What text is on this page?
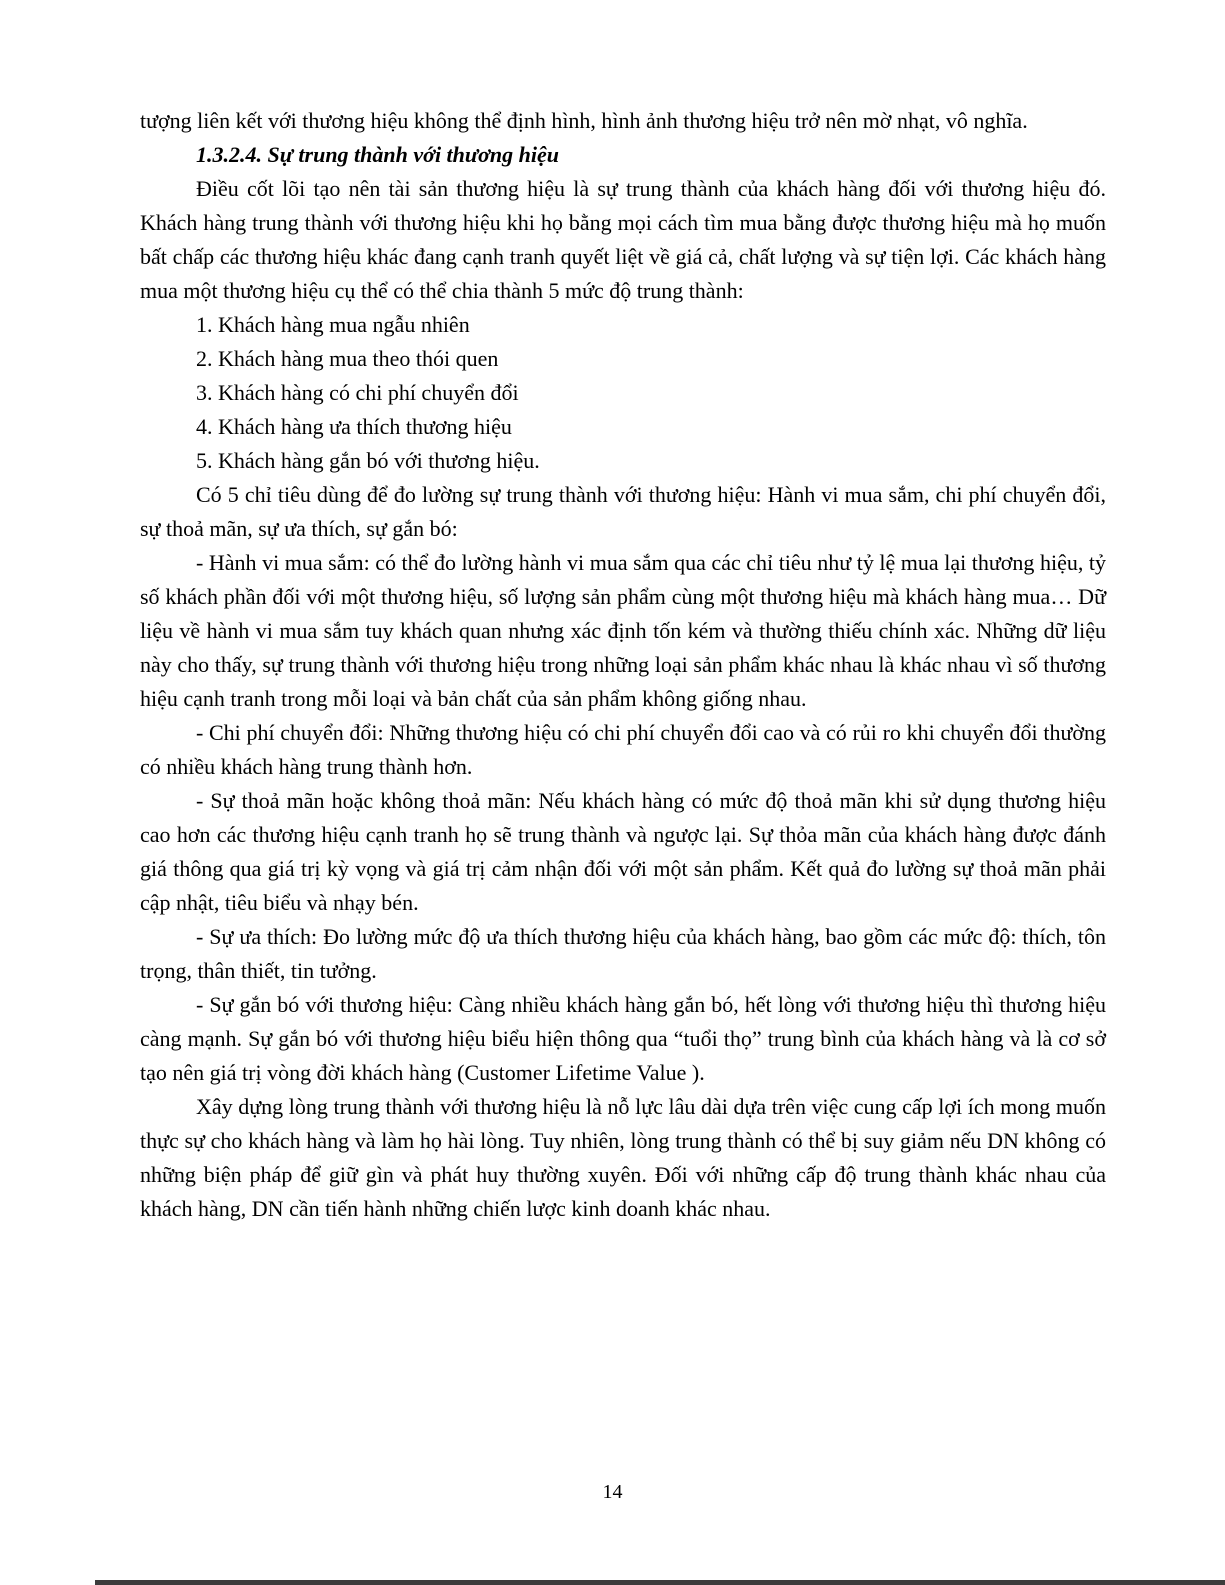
tượng liên kết với thương hiệu không thể định hình, hình ảnh thương hiệu trở nên mờ nhạt, vô nghĩa.

1.3.2.4. Sự trung thành với thương hiệu

Điều cốt lõi tạo nên tài sản thương hiệu là sự trung thành của khách hàng đối với thương hiệu đó. Khách hàng trung thành với thương hiệu khi họ bằng mọi cách tìm mua bằng được thương hiệu mà họ muốn bất chấp các thương hiệu khác đang cạnh tranh quyết liệt về giá cả, chất lượng và sự tiện lợi. Các khách hàng mua một thương hiệu cụ thể có thể chia thành 5 mức độ trung thành:

1. Khách hàng mua ngẫu nhiên

2. Khách hàng mua theo thói quen

3. Khách hàng có chi phí chuyển đổi

4. Khách hàng ưa thích thương hiệu

5. Khách hàng gắn bó với thương hiệu.

Có 5 chỉ tiêu dùng để đo lường sự trung thành với thương hiệu: Hành vi mua sắm, chi phí chuyển đổi, sự thoả mãn, sự ưa thích, sự gắn bó:

- Hành vi mua sắm: có thể đo lường hành vi mua sắm qua các chỉ tiêu như tỷ lệ mua lại thương hiệu, tỷ số khách phần đối với một thương hiệu, số lượng sản phẩm cùng một thương hiệu mà khách hàng mua… Dữ liệu về hành vi mua sắm tuy khách quan nhưng xác định tốn kém và thường thiếu chính xác. Những dữ liệu này cho thấy, sự trung thành với thương hiệu trong những loại sản phẩm khác nhau là khác nhau vì số thương hiệu cạnh tranh trong mỗi loại và bản chất của sản phẩm không giống nhau.

- Chi phí chuyển đổi: Những thương hiệu có chi phí chuyển đổi cao và có rủi ro khi chuyển đổi thường có nhiều khách hàng trung thành hơn.

- Sự thoả mãn hoặc không thoả mãn: Nếu khách hàng có mức độ thoả mãn khi sử dụng thương hiệu cao hơn các thương hiệu cạnh tranh họ sẽ trung thành và ngược lại. Sự thỏa mãn của khách hàng được đánh giá thông qua giá trị kỳ vọng và giá trị cảm nhận đối với một sản phẩm. Kết quả đo lường sự thoả mãn phải cập nhật, tiêu biểu và nhạy bén.

- Sự ưa thích: Đo lường mức độ ưa thích thương hiệu của khách hàng, bao gồm các mức độ: thích, tôn trọng, thân thiết, tin tưởng.

- Sự gắn bó với thương hiệu: Càng nhiều khách hàng gắn bó, hết lòng với thương hiệu thì thương hiệu càng mạnh. Sự gắn bó với thương hiệu biểu hiện thông qua “tuổi thọ” trung bình của khách hàng và là cơ sở tạo nên giá trị vòng đời khách hàng (Customer Lifetime Value ).

Xây dựng lòng trung thành với thương hiệu là nỗ lực lâu dài dựa trên việc cung cấp lợi ích mong muốn thực sự cho khách hàng và làm họ hài lòng. Tuy nhiên, lòng trung thành có thể bị suy giảm nếu DN không có những biện pháp để giữ gìn và phát huy thường xuyên. Đối với những cấp độ trung thành khác nhau của khách hàng, DN cần tiến hành những chiến lược kinh doanh khác nhau.

14
